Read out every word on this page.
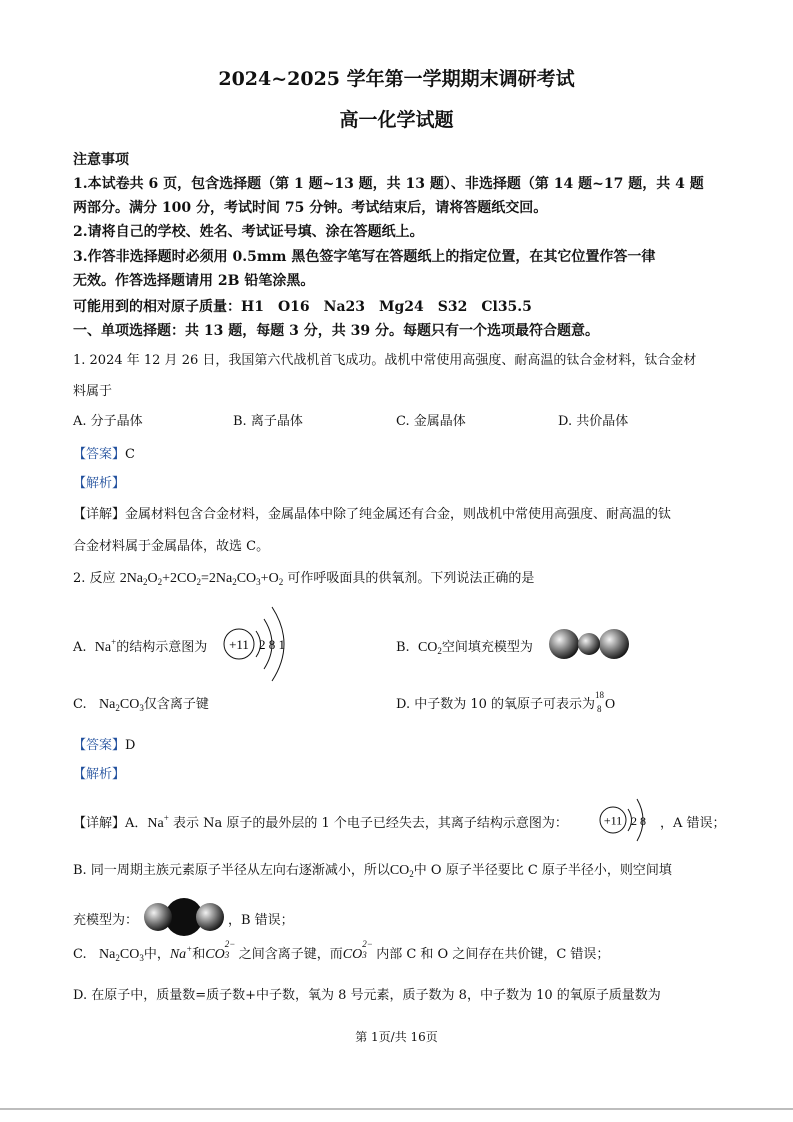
2024~2025 学年第一学期期末调研考试
高一化学试题
注意事项
1.本试卷共 6 页，包含选择题（第 1 题~13 题，共 13 题）、非选择题（第 14 题~17 题，共 4 题
两部分。满分 100 分，考试时间 75 分钟。考试结束后，请将答题纸交回。
2.请将自己的学校、姓名、考试证号填、涂在答题纸上。
3.作答非选择题时必须用 0.5mm 黑色签字笔写在答题纸上的指定位置，在其它位置作答一律
无效。作答选择题请用 2B 铅笔涂黑。
可能用到的相对原子质量：H1　O16　Na23　Mg24　S32　Cl35.5
一、单项选择题：共 13 题，每题 3 分，共 39 分。每题只有一个选项最符合题意。
1. 2024 年 12 月 26 日，我国第六代战机首飞成功。战机中常使用高强度、耐高温的钛合金材料，钛合金材
料属于
A. 分子晶体	B. 离子晶体	C. 金属晶体	D. 共价晶体
【答案】C
【解析】
【详解】金属材料包含合金材料，金属晶体中除了纯金属还有合金，则战机中常使用高强度、耐高温的钛
合金材料属于金属晶体，故选 C。
2. 反应 $2Na_2O_2+2CO_2=2Na_2CO_3+O_2$ 可作呼吸面具的供氧剂。下列说法正确的是
A. Na+的结构示意图为 +11 2 8 1	B. $CO_2$空间填充模型为
C. $Na_2CO_3$仅含离子键	D. 中子数为 10 的氧原子可表示为
18
8 O
【答案】D
【解析】
【详解】A．Na+ 表示 Na 原子的最外层的 1 个电子已经失去，其离子结构示意图为：	+11 2 8 ，A 错误；
B. 同一周期主族元素原子半径从左向右逐渐减小，所以$CO_2$中 O 原子半径要比 C 原子半径小，则空间填
充模型为：	，B 错误；
C. $Na_2CO_3$中，Na+和CO
2−
3 之间含离子键，而CO
2−
3 内部 C 和 O 之间存在共价键，C 错误；
D. 在原子中，质量数=质子数+中子数，氧为 8 号元素，质子数为 8，中子数为 10 的氧原子质量数为
第 1页/共 16页
